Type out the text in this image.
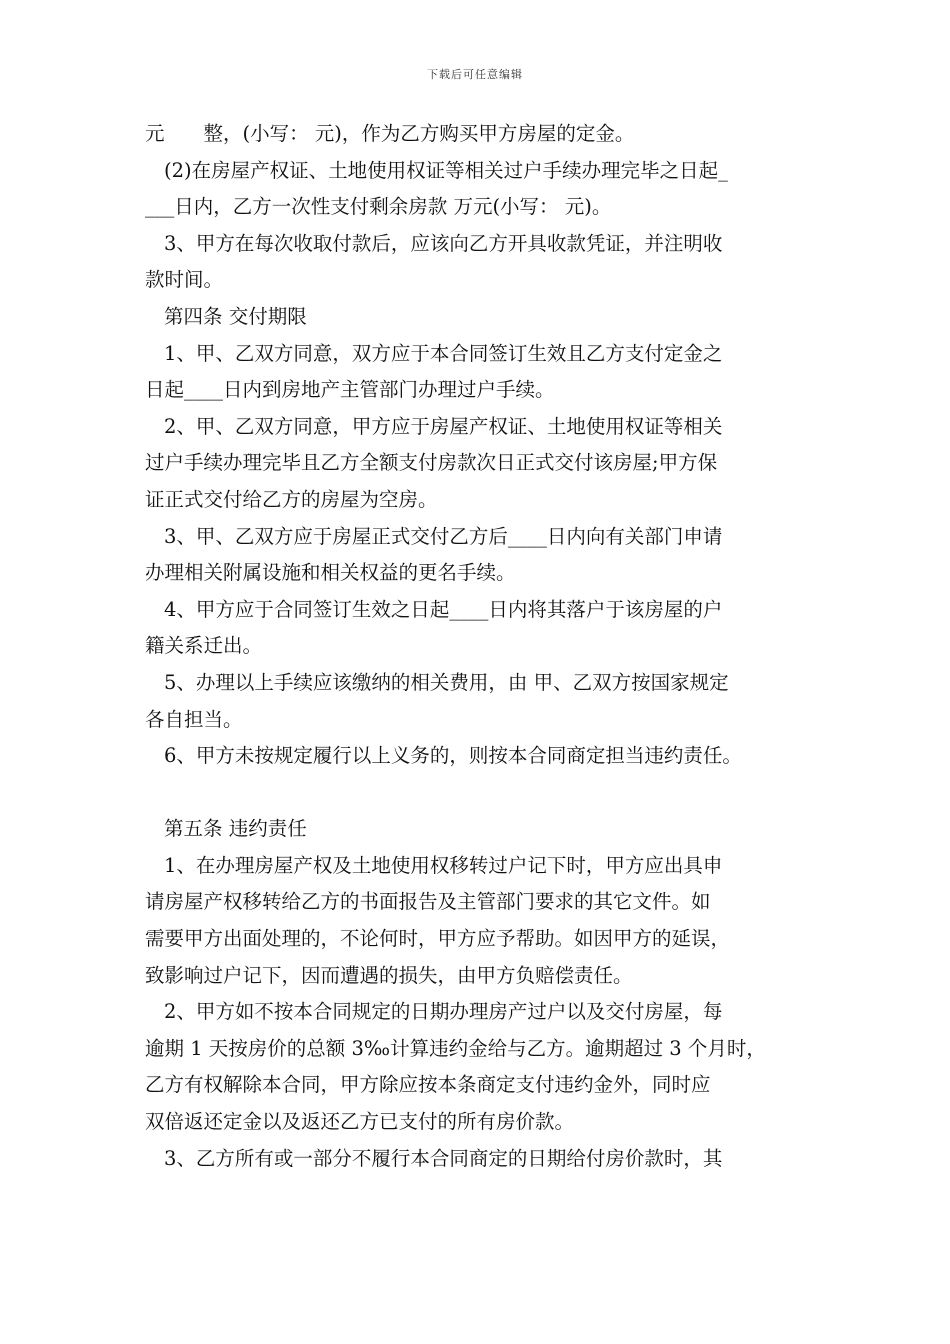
下载后可任意编辑
元　　整，(小写： 元)，作为乙方购买甲方房屋的定金。
(2)在房屋产权证、土地使用权证等相关过户手续办理完毕之日起_
___日内，乙方一次性支付剩余房款 万元(小写： 元)。
3、甲方在每次收取付款后，应该向乙方开具收款凭证，并注明收
款时间。
第四条 交付期限
1、甲、乙双方同意，双方应于本合同签订生效且乙方支付定金之
日起____日内到房地产主管部门办理过户手续。
2、甲、乙双方同意，甲方应于房屋产权证、土地使用权证等相关
过户手续办理完毕且乙方全额支付房款次日正式交付该房屋;甲方保
证正式交付给乙方的房屋为空房。
3、甲、乙双方应于房屋正式交付乙方后____日内向有关部门申请
办理相关附属设施和相关权益的更名手续。
4、甲方应于合同签订生效之日起____日内将其落户于该房屋的户
籍关系迁出。
5、办理以上手续应该缴纳的相关费用，由 甲、乙双方按国家规定
各自担当。
6、甲方未按规定履行以上义务的，则按本合同商定担当违约责任。
第五条 违约责任
1、在办理房屋产权及土地使用权移转过户记下时，甲方应出具申
请房屋产权移转给乙方的书面报告及主管部门要求的其它文件。如
需要甲方出面处理的，不论何时，甲方应予帮助。如因甲方的延误，
致影响过户记下，因而遭遇的损失，由甲方负赔偿责任。
2、甲方如不按本合同规定的日期办理房产过户以及交付房屋，每
逾期 1 天按房价的总额 3‰计算违约金给与乙方。逾期超过 3 个月时，
乙方有权解除本合同，甲方除应按本条商定支付违约金外，同时应
双倍返还定金以及返还乙方已支付的所有房价款。
3、乙方所有或一部分不履行本合同商定的日期给付房价款时，其
